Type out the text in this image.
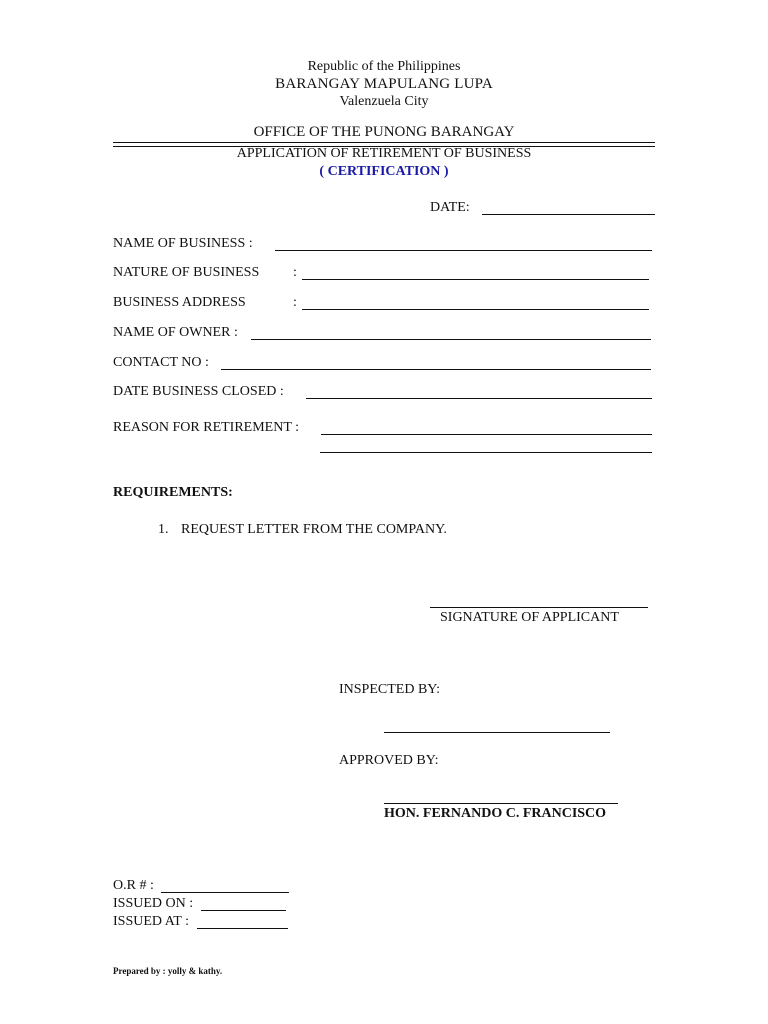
Republic of the Philippines
BARANGAY MAPULANG LUPA
Valenzuela City
OFFICE OF THE PUNONG BARANGAY
APPLICATION OF RETIREMENT OF BUSINESS
( CERTIFICATION )
DATE:
NAME OF BUSINESS :
NATURE OF BUSINESS :
BUSINESS ADDRESS	:
NAME OF OWNER :
CONTACT NO :
DATE BUSINESS CLOSED :
REASON FOR RETIREMENT :
REQUIREMENTS:
1. REQUEST LETTER FROM THE COMPANY.
SIGNATURE OF APPLICANT
INSPECTED BY:
APPROVED BY:
HON. FERNANDO C. FRANCISCO
O.R # :
ISSUED ON :
ISSUED AT :
Prepared by : yolly & kathy.
